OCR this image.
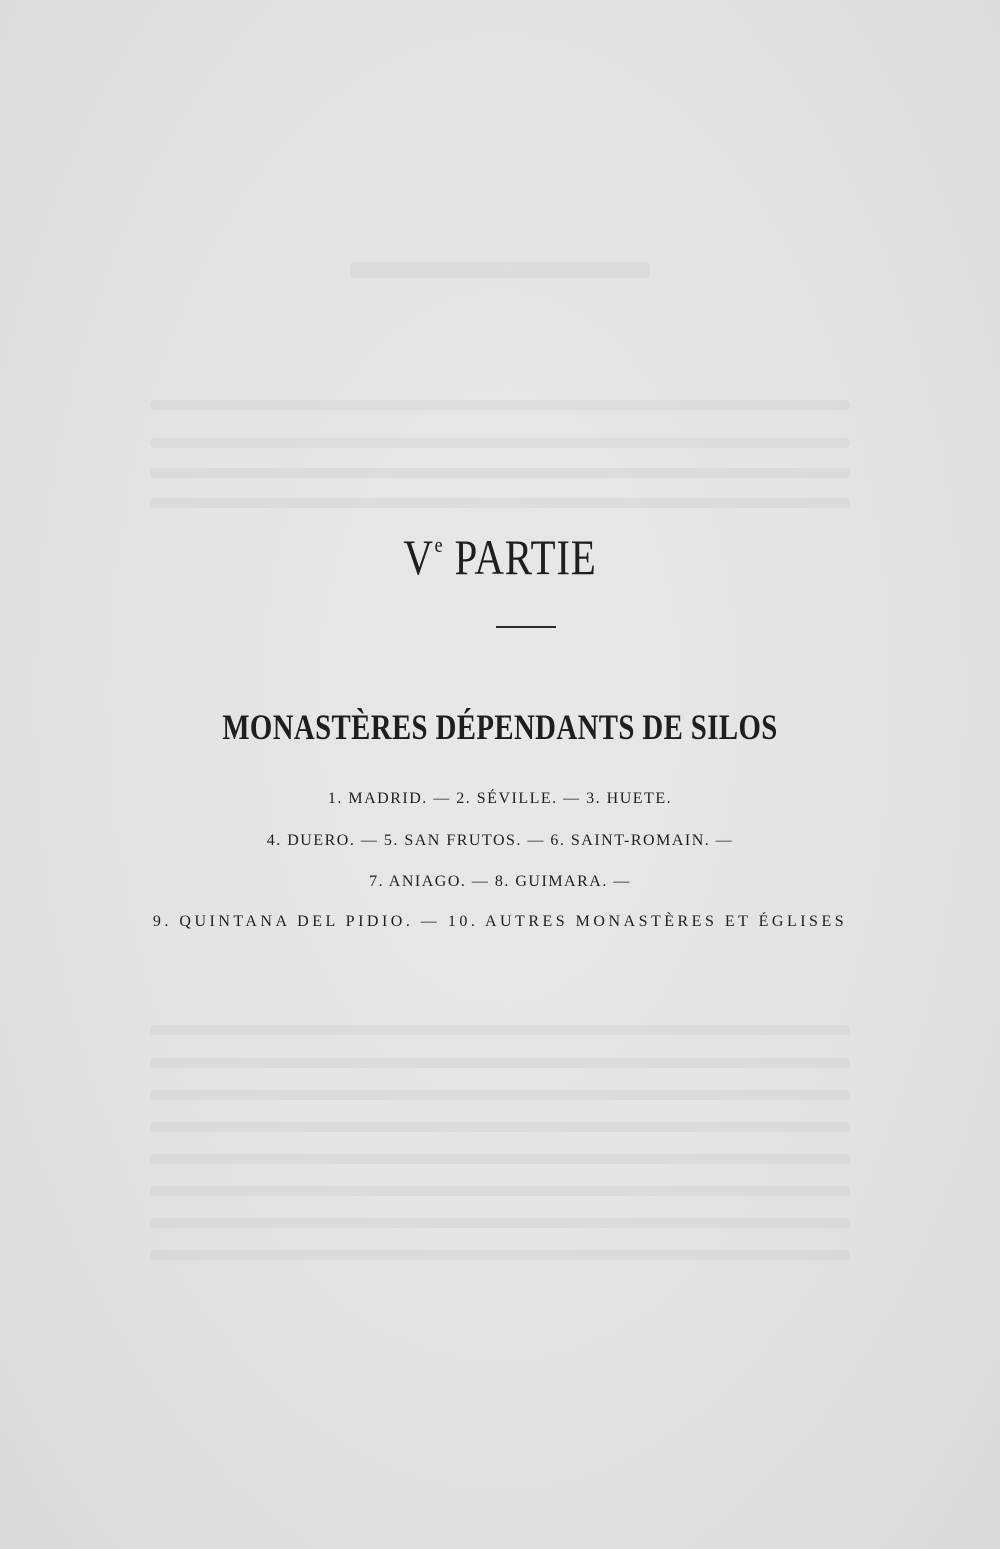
Ve PARTIE
MONASTÈRES DÉPENDANTS DE SILOS
1. MADRID. — 2. SÉVILLE. — 3. HUETE.
4. DUERO. — 5. SAN FRUTOS. — 6. SAINT-ROMAIN. —
7. ANIAGO. — 8. GUIMARA. —
9. QUINTANA DEL PIDIO. — 10. AUTRES MONASTÈRES ET ÉGLISES
